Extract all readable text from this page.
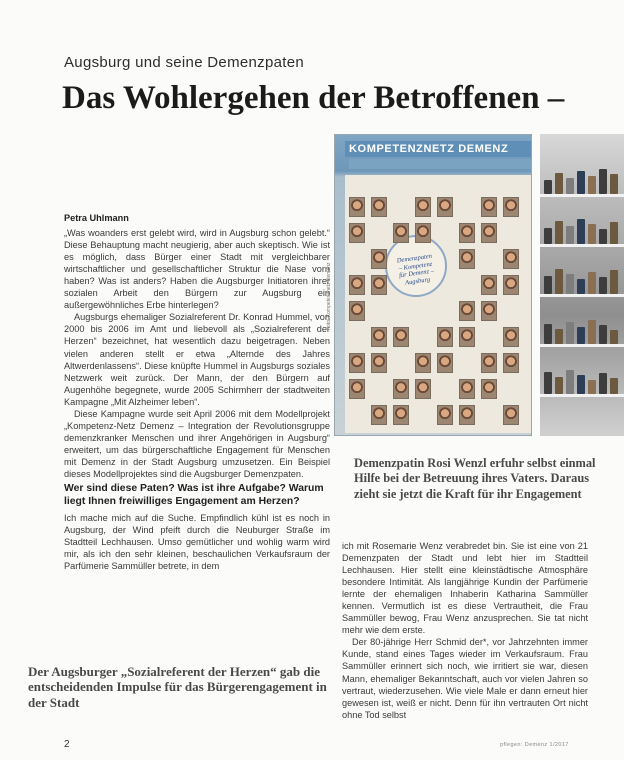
Augsburg und seine Demenzpaten
Das Wohlergehen der Betroffenen –

Petra Uhlmann

„Was woanders erst gelebt wird, wird in Augsburg schon gelebt.“ Diese Behauptung macht neugierig, aber auch skeptisch. Wie ist es möglich, dass Bürger einer Stadt mit vergleichbarer wirtschaftlicher und gesellschaftlicher Struktur die Nase vorn haben? Was ist anders? Haben die Augsburger Initiatoren ihrer sozialen Arbeit den Bürgern zur Augsburg ein außergewöhnliches Erbe hinterlegen?

Augsburgs ehemaliger Sozialreferent Dr. Konrad Hummel, von 2000 bis 2006 im Amt und liebevoll als „Sozialreferent der Herzen“ bezeichnet, hat wesentlich dazu beigetragen. Neben vielen anderen stellt er etwa „Alternde des Jahres Altwerdenlassens“. Diese knüpfte Hummel in Augsburgs soziales Netzwerk weit zurück. Der Mann, der den Bürgern auf Augenhöhe begegnete, wurde 2005 Schirmherr der stadtweiten Kampagne „Mit Alzheimer leben“.

Diese Kampagne wurde seit April 2006 mit dem Modellprojekt „Kompetenz-Netz Demenz – Integration der Revolutionsgruppe demenzkranker Menschen und ihrer Angehörigen in Augsburg“ erweitert, um das bürgerschaftliche Engagement für Menschen mit Demenz in der Stadt Augsburg umzusetzen. Ein Beispiel dieses Modellprojektes sind die Augsburger Demenzpaten.

Wer sind diese Paten? Was ist ihre Aufgabe? Warum liegt Ihnen freiwilliges Engagement am Herzen?

Ich mache mich auf die Suche. Empfindlich kühl ist es noch in Augsburg, der Wind pfeift durch die Neuburger Straße im Stadtteil Lechhausen. Umso gemütlicher und wohlig warm wird mir, als ich den sehr kleinen, beschaulichen Verkaufsraum der Parfümerie Sammüller betrete, in dem

KOMPETENZNETZ DEMENZ
Demenzpaten – Kompetenz für Demenz – Augsburg
Foto: Kompetenznetz Demenz
Demenzpatin Rosi Wenzl erfuhr selbst einmal Hilfe bei der Betreuung ihres Vaters. Daraus zieht sie jetzt die Kraft für ihr Engagement

ich mit Rosemarie Wenz verabredet bin. Sie ist eine von 21 Demenzpaten der Stadt und lebt hier im Stadtteil Lechhausen. Hier stellt eine kleinstädtische Atmosphäre besondere Intimität. Als langjährige Kundin der Parfümerie lernte der ehemaligen Inhaberin Katharina Sammüller kennen. Vermutlich ist es diese Vertrautheit, die Frau Sammüller bewog, Frau Wenz anzusprechen. Sie tat nicht mehr wie dem erste.

Der 80-jährige Herr Schmid der*, vor Jahrzehnten immer Kunde, stand eines Tages wieder im Verkaufsraum. Frau Sammüller erinnert sich noch, wie irritiert sie war, diesen Mann, ehemaliger Bekanntschaft, auch vor vielen Jahren so vertraut, wiederzusehen. Wie viele Male er dann erneut hier gewesen ist, weiß er nicht. Denn für ihn vertrauten Ort nicht ohne Tod selbst

Der Augsburger „Sozialreferent der Herzen“ gab die entscheidenden Impulse für das Bürgerengagement in der Stadt
2	pflegen: Demenz 1/2017
